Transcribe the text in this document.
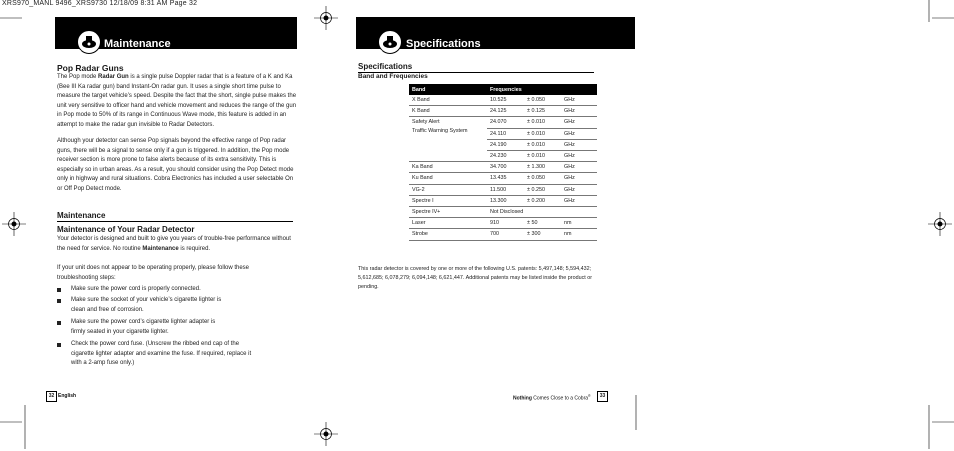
XRS970_MANL 9496_XRS9730 12/18/09 8:31 AM Page 32
Maintenance
Your Detector
Pop Radar Guns
The Pop mode Radar Gun is a single pulse Doppler radar that is a feature of a K and Ka (Bee III Ka radar gun) band Instant-On radar gun. It uses a single short time pulse to measure the target vehicle’s speed. Despite the fact that the short, single pulse makes the unit very sensitive to officer hand and vehicle movement and reduces the range of the gun in Pop mode to 50% of its range in Continuous Wave mode, this feature is added in an attempt to make the radar gun invisible to Radar Detectors.
Although your detector can sense Pop signals beyond the effective range of Pop radar guns, there will be a signal to sense only if a gun is triggered. In addition, the Pop mode receiver section is more prone to false alerts because of its extra sensitivity. This is especially so in urban areas. As a result, you should consider using the Pop Detect mode only in highway and rural situations. Cobra Electronics has included a user selectable On or Off Pop Detect mode.
Maintenance
Maintenance of Your Radar Detector
Your detector is designed and built to give you years of trouble-free performance without the need for service. No routine Maintenance is required.
If your unit does not appear to be operating properly, please follow these troubleshooting steps:
Make sure the power cord is properly connected.
Make sure the socket of your vehicle’s cigarette lighter is clean and free of corrosion.
Make sure the power cord’s cigarette lighter adapter is firmly seated in your cigarette lighter.
Check the power cord fuse. (Unscrew the ribbed end cap of the cigarette lighter adapter and examine the fuse. If required, replace it with a 2-amp fuse only.)
32 English
Specifications
Your Detector
Specifications
Band and Frequencies
Band	Frequencies		
X Band	10.525	± 0.050	GHz
K Band	24.125	± 0.125	GHz
Safety Alert	24.070	± 0.010	GHz
Traffic Warning System	24.110	± 0.010	GHz
	24.190	± 0.010	GHz
	24.230	± 0.010	GHz
Ka Band	34.700	± 1.300	GHz
Ku Band	13.435	± 0.050	GHz
VG-2	11.500	± 0.250	GHz
Spectre I	13.300	± 0.200	GHz
Spectre IV+	Not Disclosed		
Laser	910	± 50	nm
Strobe	700	± 300	nm
This radar detector is covered by one or more of the following U.S. patents: 5,497,148; 5,594,432; 5,612,685; 6,078,279; 6,094,148; 6,621,447. Additional patents may be listed inside the product or pending.
Nothing Comes Close to a Cobra®	33
